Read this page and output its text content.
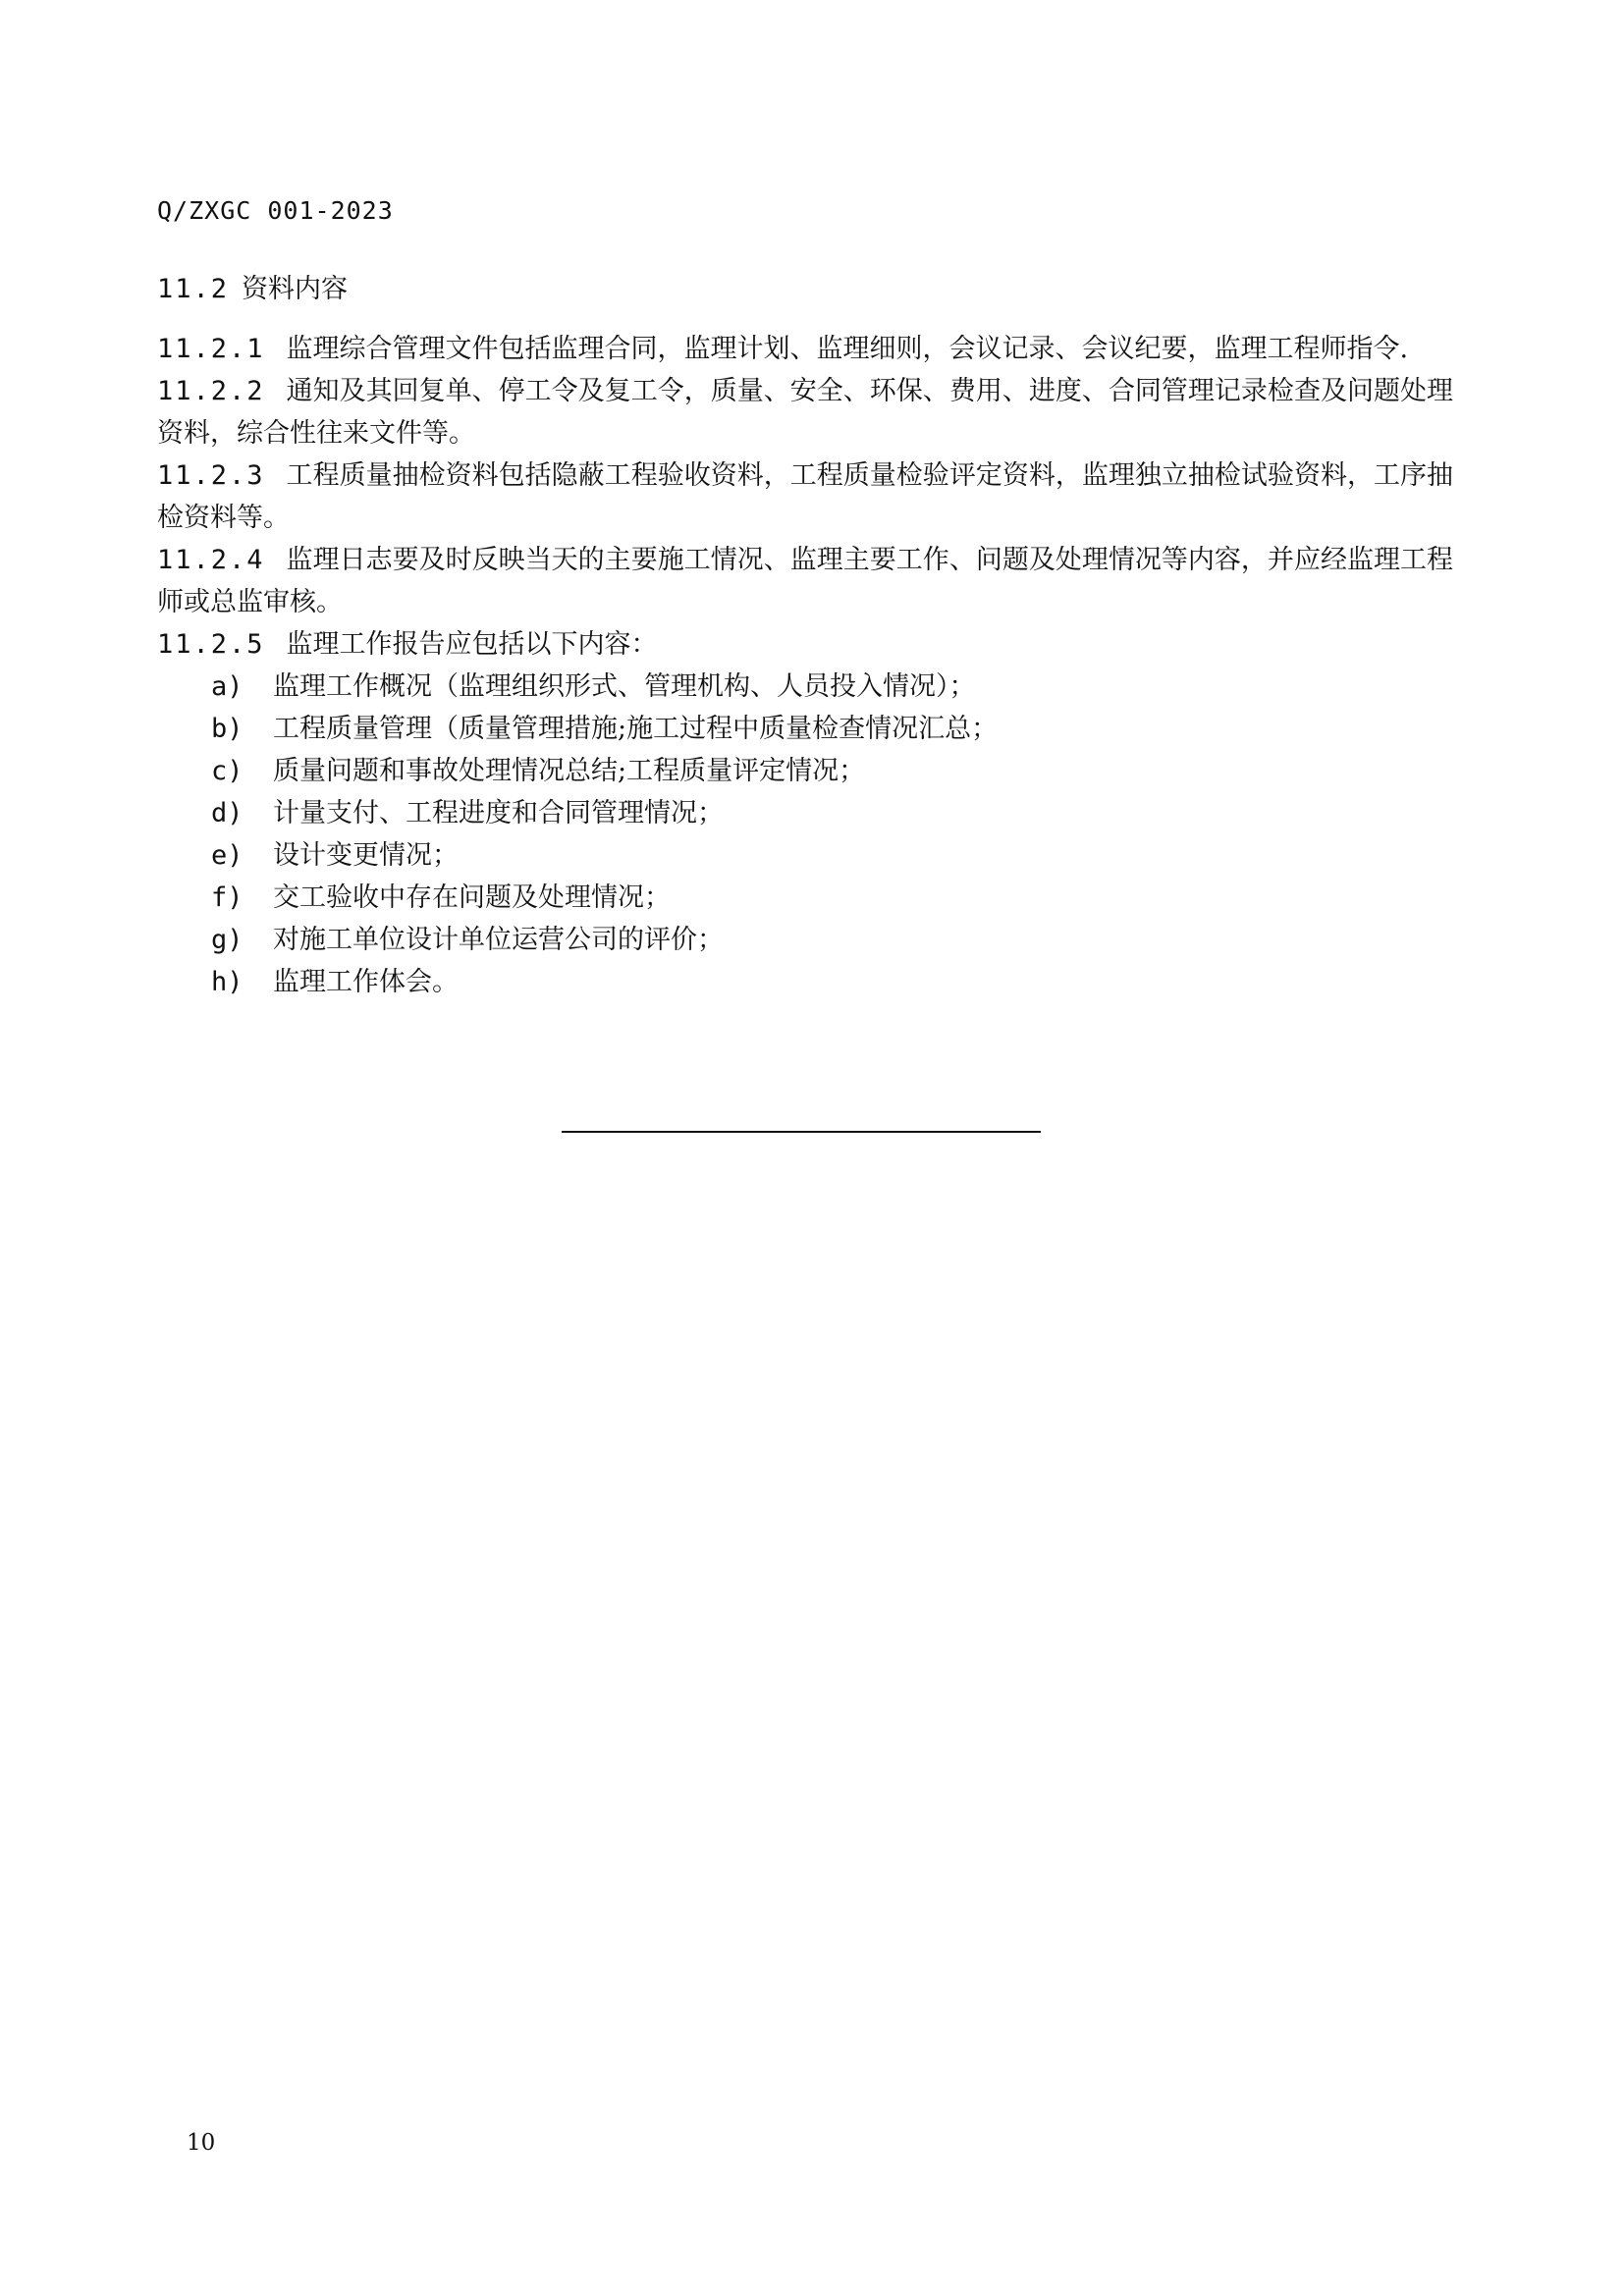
Q/ZXGC 001-2023
11.2 资料内容

11.2.1 监理综合管理文件包括监理合同，监理计划、监理细则，会议记录、会议纪要，监理工程师指令.

11.2.2 通知及其回复单、停工令及复工令，质量、安全、环保、费用、进度、合同管理记录检查及问题处理资料，综合性往来文件等。

11.2.3 工程质量抽检资料包括隐蔽工程验收资料，工程质量检验评定资料，监理独立抽检试验资料，工序抽检资料等。

11.2.4 监理日志要及时反映当天的主要施工情况、监理主要工作、问题及处理情况等内容，并应经监理工程师或总监审核。

11.2.5 监理工作报告应包括以下内容：

a) 监理工作概况（监理组织形式、管理机构、人员投入情况）；
b) 工程质量管理（质量管理措施;施工过程中质量检查情况汇总；
c) 质量问题和事故处理情况总结;工程质量评定情况；
d) 计量支付、工程进度和合同管理情况；
e) 设计变更情况；
f) 交工验收中存在问题及处理情况；
g) 对施工单位设计单位运营公司的评价；
h) 监理工作体会。
10
